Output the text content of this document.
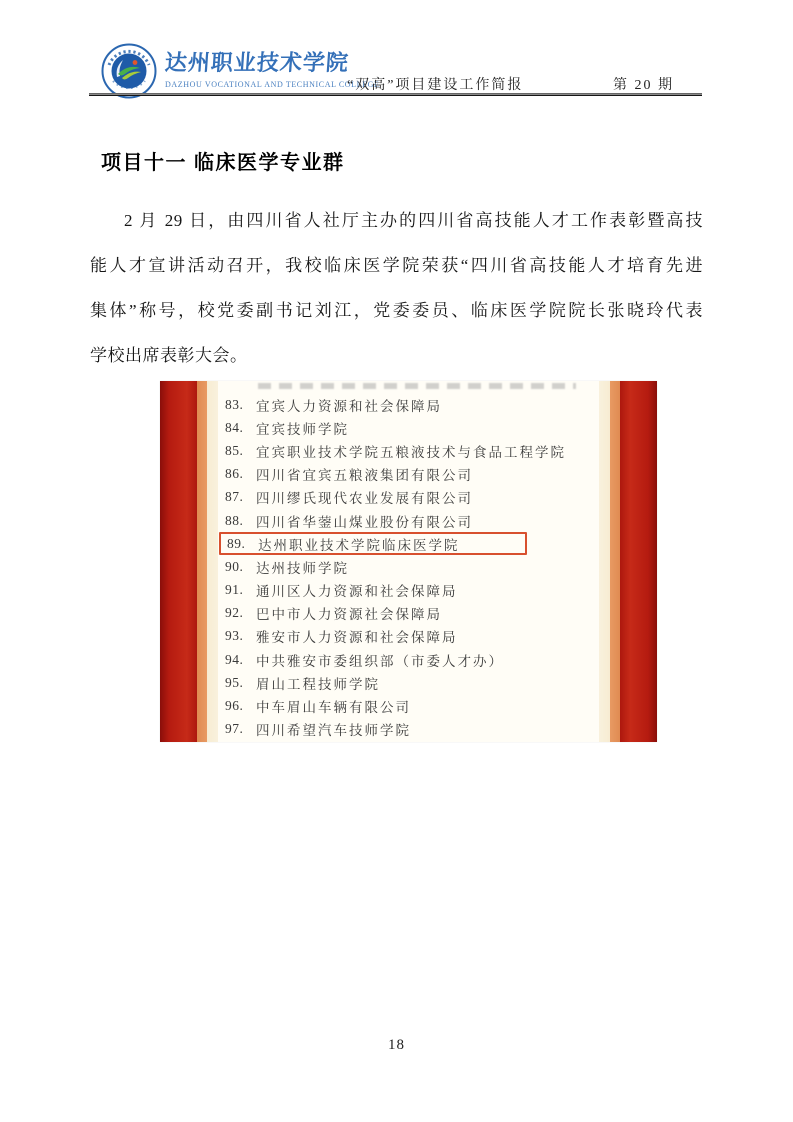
达州职业技术学院
DAZHOU VOCATIONAL AND TECHNICAL COLLEGE
“双高”项目建设工作简报	第 20 期
项目十一 临床医学专业群
2 月 29 日，由四川省人社厅主办的四川省高技能人才工作表彰暨高技
能人才宣讲活动召开，我校临床医学院荣获“四川省高技能人才培育先进
集体”称号，校党委副书记刘江，党委委员、临床医学院院长张晓玲代表
学校出席表彰大会。
83. 宜宾人力资源和社会保障局
84. 宜宾技师学院
85. 宜宾职业技术学院五粮液技术与食品工程学院
86. 四川省宜宾五粮液集团有限公司
87. 四川缪氏现代农业发展有限公司
88. 四川省华蓥山煤业股份有限公司
89. 达州职业技术学院临床医学院
90. 达州技师学院
91. 通川区人力资源和社会保障局
92. 巴中市人力资源社会保障局
93. 雅安市人力资源和社会保障局
94. 中共雅安市委组织部（市委人才办）
95. 眉山工程技师学院
96. 中车眉山车辆有限公司
97. 四川希望汽车技师学院
18
